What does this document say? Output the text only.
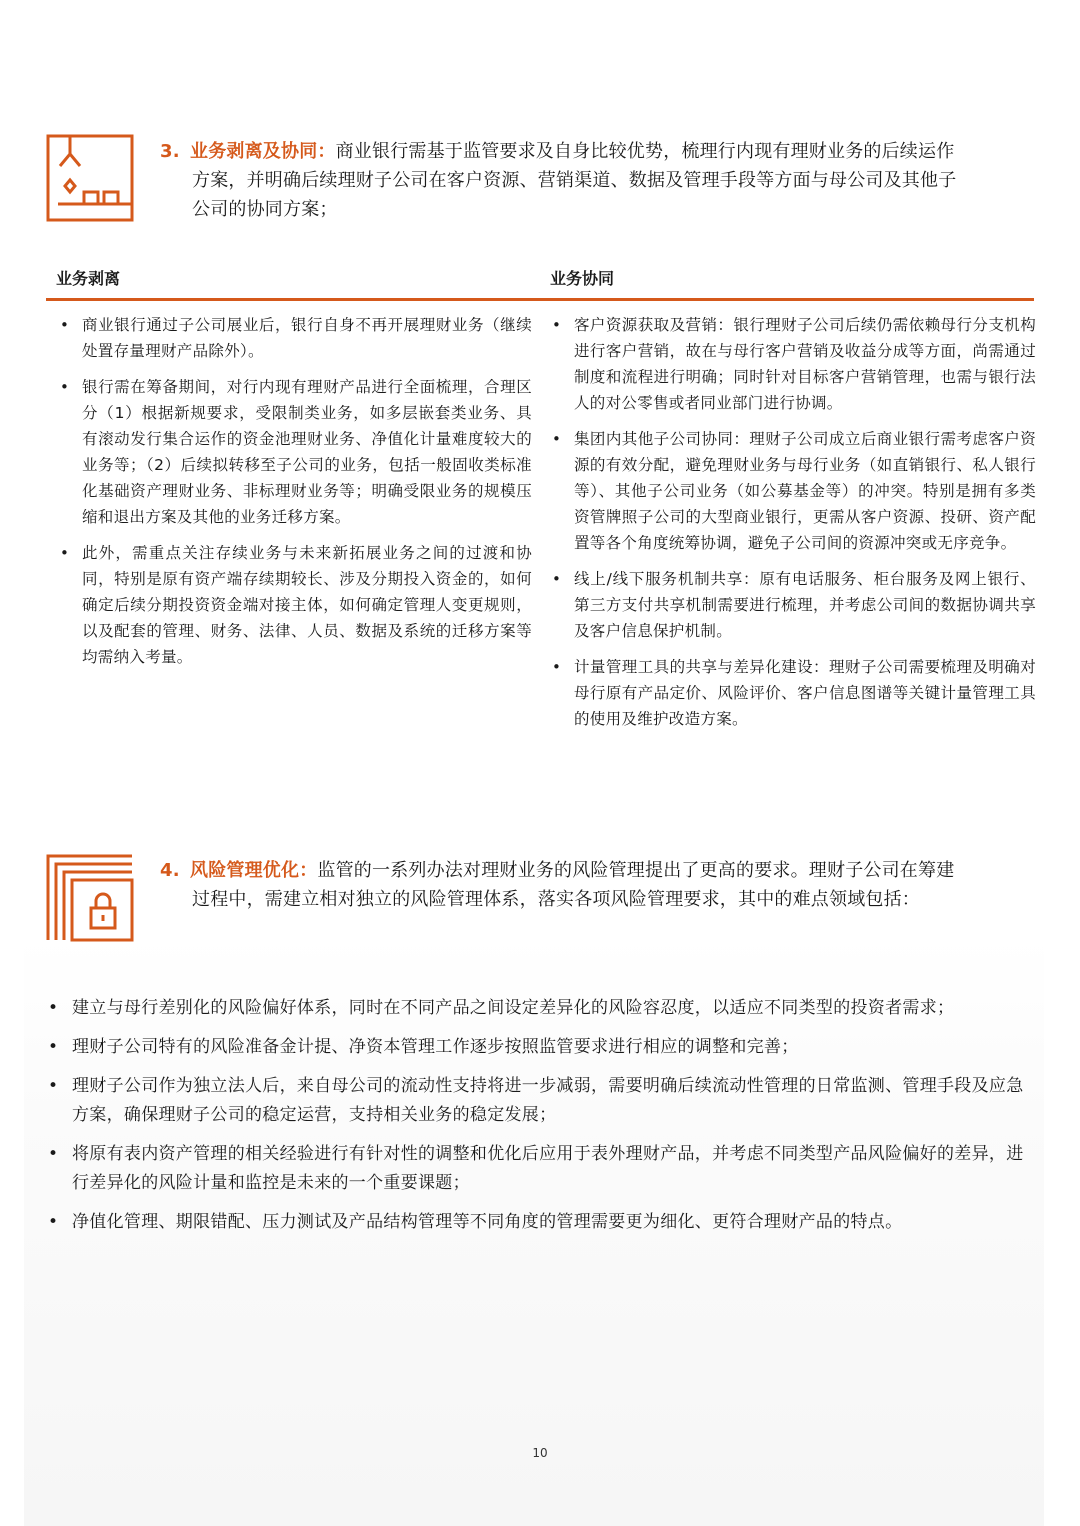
3. 业务剥离及协同：商业银行需基于监管要求及自身比较优势，梳理行内现有理财业务的后续运作
方案，并明确后续理财子公司在客户资源、营销渠道、数据及管理手段等方面与母公司及其他子
公司的协同方案；
业务剥离	业务协同
• 商业银行通过子公司展业后，银行自身不再开展理财业务（继续处置存量理财产品除外）。
• 银行需在筹备期间，对行内现有理财产品进行全面梳理，合理区分（1）根据新规要求，受限制类业务，如多层嵌套类业务、具有滚动发行集合运作的资金池理财业务、净值化计量难度较大的业务等；（2）后续拟转移至子公司的业务，包括一般固收类标准化基础资产理财业务、非标理财业务等；明确受限业务的规模压缩和退出方案及其他的业务迁移方案。
• 此外，需重点关注存续业务与未来新拓展业务之间的过渡和协同，特别是原有资产端存续期较长、涉及分期投入资金的，如何确定后续分期投资资金端对接主体，如何确定管理人变更规则，以及配套的管理、财务、法律、人员、数据及系统的迁移方案等均需纳入考量。
• 客户资源获取及营销：银行理财子公司后续仍需依赖母行分支机构进行客户营销，故在与母行客户营销及收益分成等方面，尚需通过制度和流程进行明确；同时针对目标客户营销管理，也需与银行法人的对公零售或者同业部门进行协调。
• 集团内其他子公司协同：理财子公司成立后商业银行需考虑客户资源的有效分配，避免理财业务与母行业务（如直销银行、私人银行等）、其他子公司业务（如公募基金等）的冲突。特别是拥有多类资管牌照子公司的大型商业银行，更需从客户资源、投研、资产配置等各个角度统筹协调，避免子公司间的资源冲突或无序竞争。
• 线上/线下服务机制共享：原有电话服务、柜台服务及网上银行、第三方支付共享机制需要进行梳理，并考虑公司间的数据协调共享及客户信息保护机制。
• 计量管理工具的共享与差异化建设：理财子公司需要梳理及明确对母行原有产品定价、风险评价、客户信息图谱等关键计量管理工具的使用及维护改造方案。
4. 风险管理优化：监管的一系列办法对理财业务的风险管理提出了更高的要求。理财子公司在筹建
过程中，需建立相对独立的风险管理体系，落实各项风险管理要求，其中的难点领域包括：
• 建立与母行差别化的风险偏好体系，同时在不同产品之间设定差异化的风险容忍度，以适应不同类型的投资者需求；
• 理财子公司特有的风险准备金计提、净资本管理工作逐步按照监管要求进行相应的调整和完善；
• 理财子公司作为独立法人后，来自母公司的流动性支持将进一步减弱，需要明确后续流动性管理的日常监测、管理手段及应急方案，确保理财子公司的稳定运营，支持相关业务的稳定发展；
• 将原有表内资产管理的相关经验进行有针对性的调整和优化后应用于表外理财产品，并考虑不同类型产品风险偏好的差异，进行差异化的风险计量和监控是未来的一个重要课题；
• 净值化管理、期限错配、压力测试及产品结构管理等不同角度的管理需要更为细化、更符合理财产品的特点。
10
